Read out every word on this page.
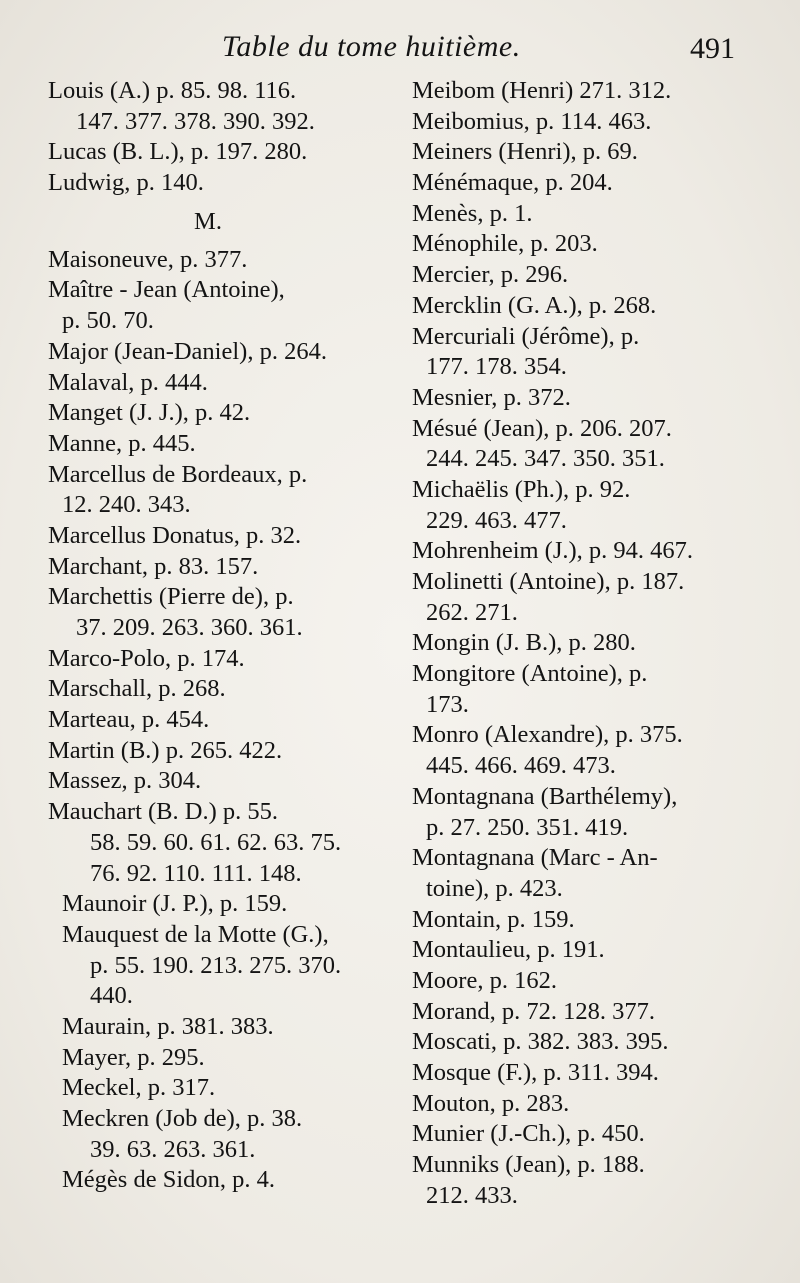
Table du tome huitième.	491
Louis (A.) p. 85. 98. 116.
147. 377. 378. 390. 392.
Lucas (B. L.), p. 197. 280.
Ludwig, p. 140.
M.
Maisoneuve, p. 377.
Maître - Jean (Antoine),
p. 50. 70.
Major (Jean-Daniel), p. 264.
Malaval, p. 444.
Manget (J. J.), p. 42.
Manne, p. 445.
Marcellus de Bordeaux, p.
12. 240. 343.
Marcellus Donatus, p. 32.
Marchant, p. 83. 157.
Marchettis (Pierre de), p.
37. 209. 263. 360. 361.
Marco-Polo, p. 174.
Marschall, p. 268.
Marteau, p. 454.
Martin (B.) p. 265. 422.
Massez, p. 304.
Mauchart (B. D.) p. 55.
58. 59. 60. 61. 62. 63. 75.
76. 92. 110. 111. 148.
Maunoir (J. P.), p. 159.
Mauquest de la Motte (G.),
p. 55. 190. 213. 275. 370.
440.
Maurain, p. 381. 383.
Mayer, p. 295.
Meckel, p. 317.
Meckren (Job de), p. 38.
39. 63. 263. 361.
Mégès de Sidon, p. 4.
Meibom (Henri) 271. 312.
Meibomius, p. 114. 463.
Meiners (Henri), p. 69.
Ménémaque, p. 204.
Menès, p. 1.
Ménophile, p. 203.
Mercier, p. 296.
Mercklin (G. A.), p. 268.
Mercuriali (Jérôme), p.
177. 178. 354.
Mesnier, p. 372.
Mésué (Jean), p. 206. 207.
244. 245. 347. 350. 351.
Michaëlis (Ph.), p. 92.
229. 463. 477.
Mohrenheim (J.), p. 94. 467.
Molinetti (Antoine), p. 187.
262. 271.
Mongin (J. B.), p. 280.
Mongitore (Antoine), p.
173.
Monro (Alexandre), p. 375.
445. 466. 469. 473.
Montagnana (Barthélemy),
p. 27. 250. 351. 419.
Montagnana (Marc - An-
toine), p. 423.
Montain, p. 159.
Montaulieu, p. 191.
Moore, p. 162.
Morand, p. 72. 128. 377.
Moscati, p. 382. 383. 395.
Mosque (F.), p. 311. 394.
Mouton, p. 283.
Munier (J.-Ch.), p. 450.
Munniks (Jean), p. 188.
212. 433.
